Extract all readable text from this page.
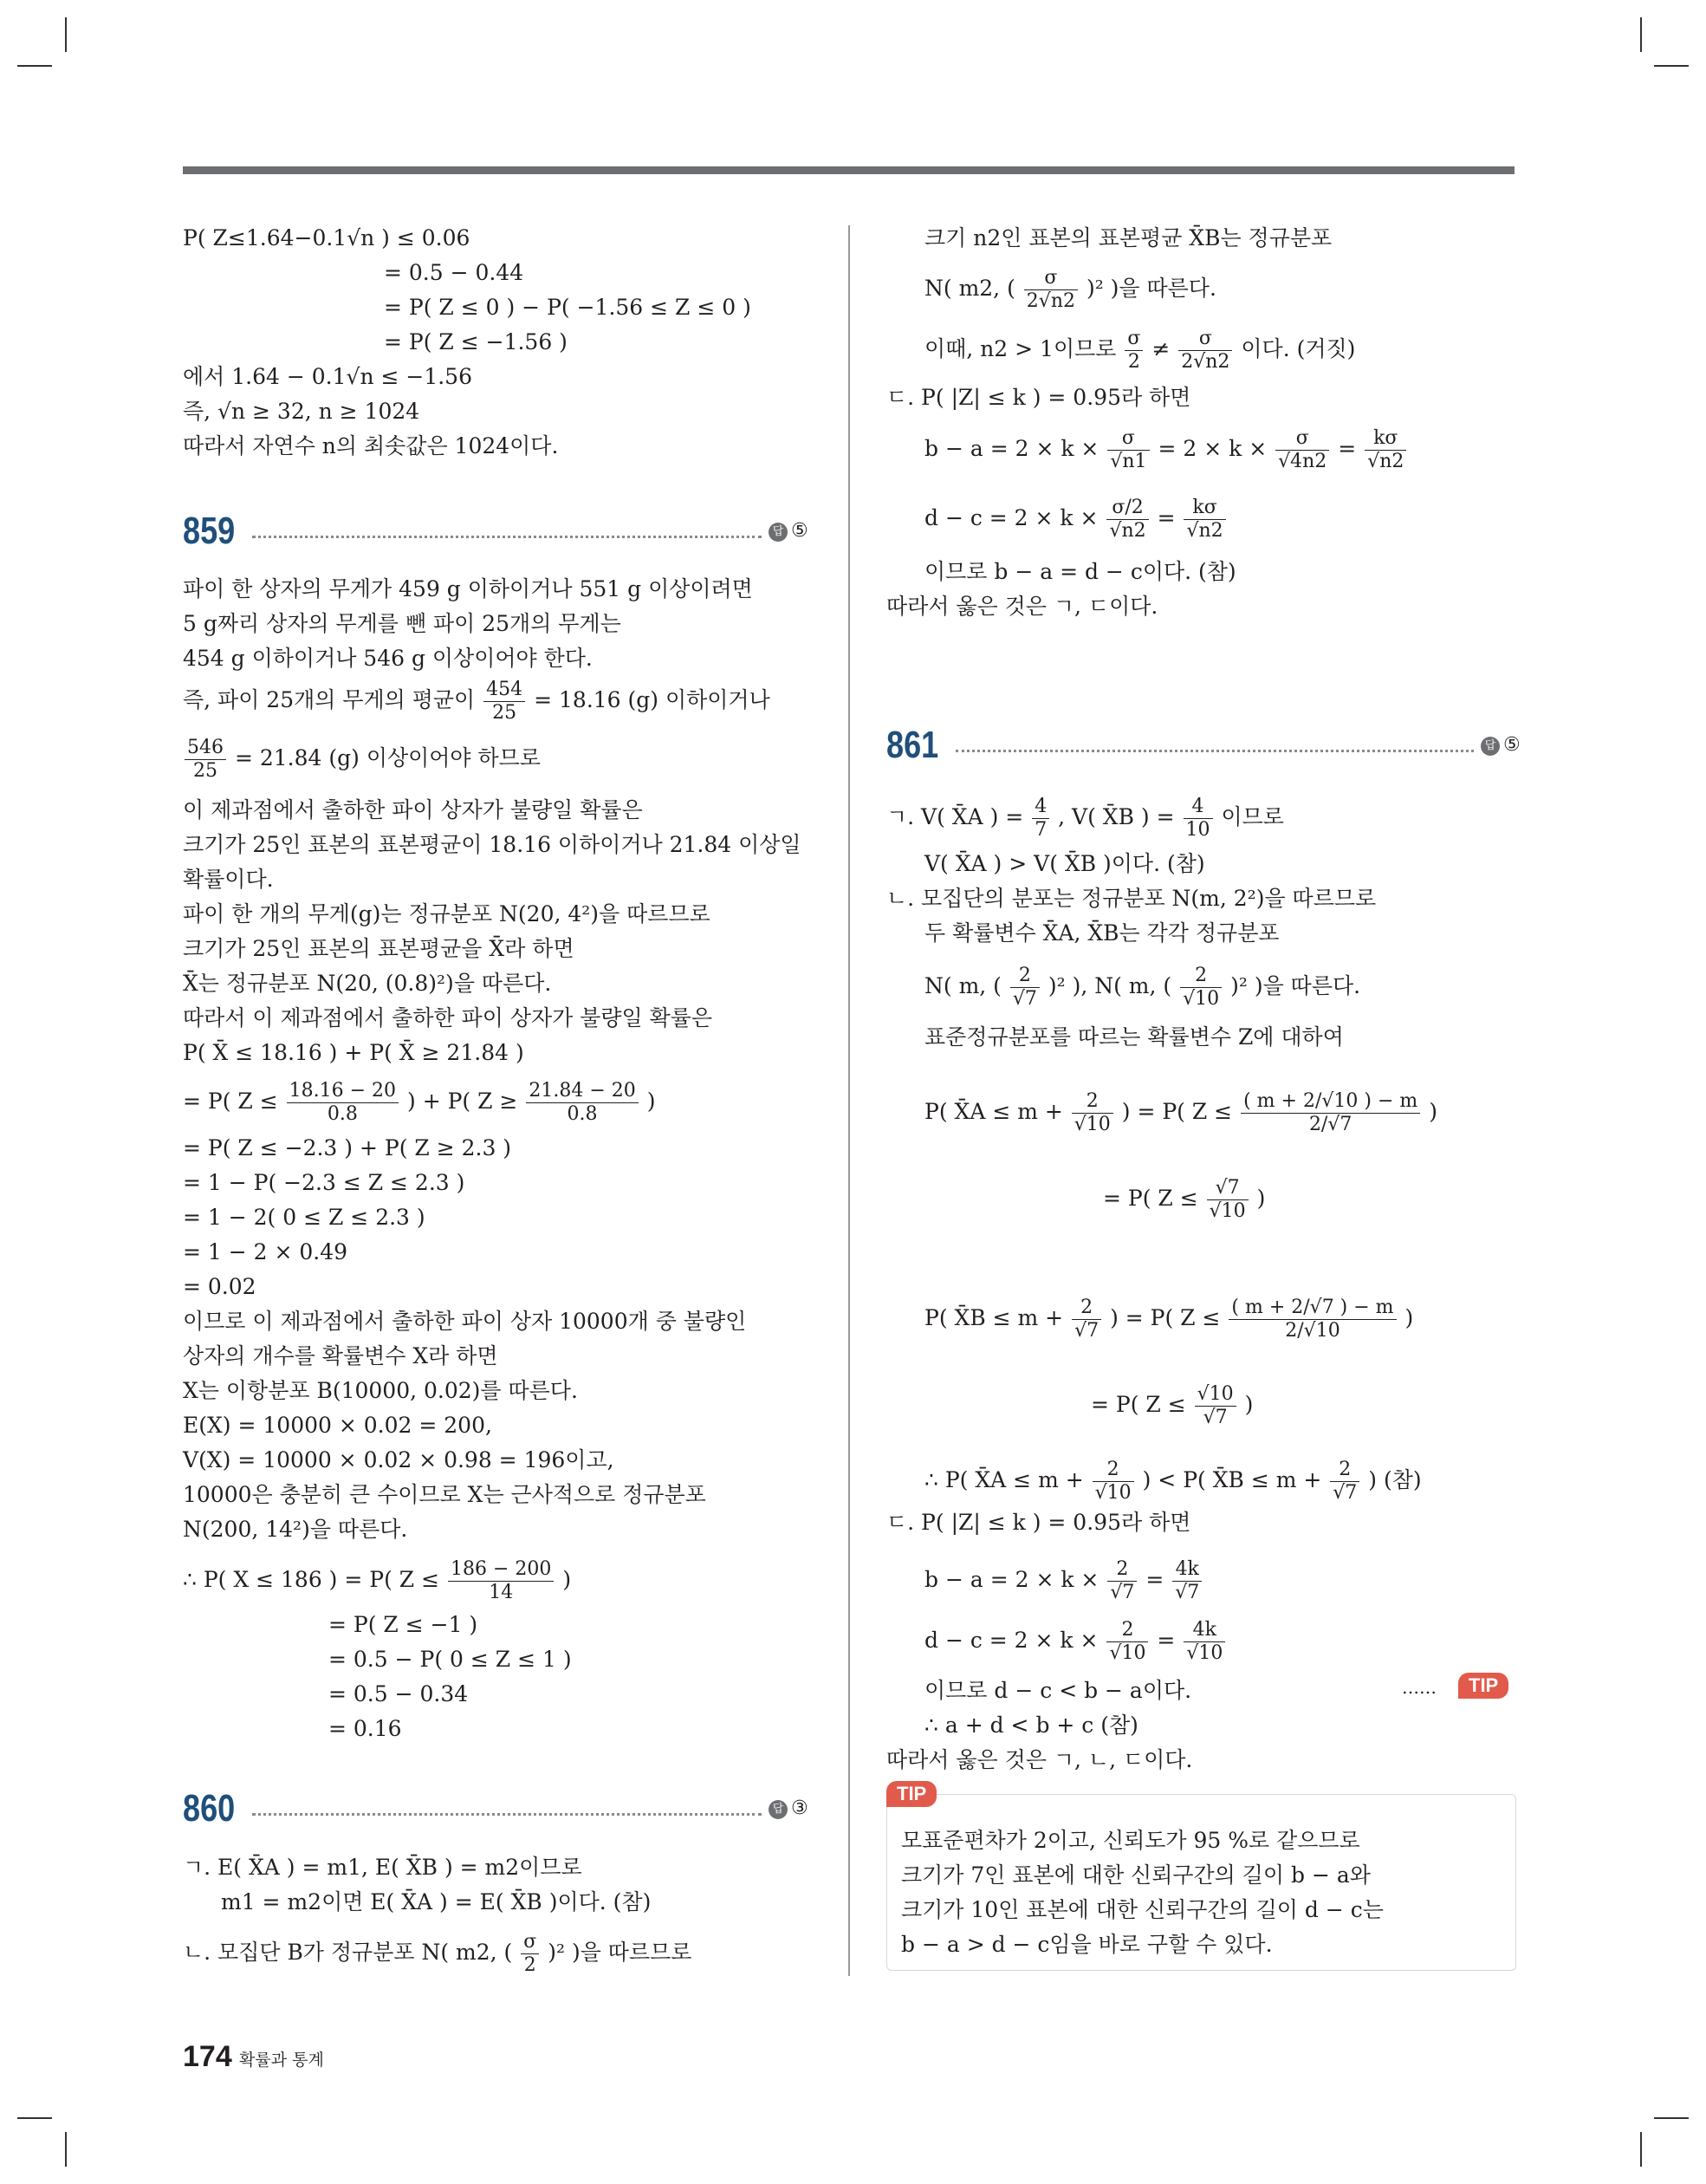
P( Z≤1.64−0.1√n ) ≤ 0.06
= 0.5 − 0.44
= P( Z ≤ 0 ) − P( −1.56 ≤ Z ≤ 0 )
= P( Z ≤ −1.56 )
에서 1.64 − 0.1√n ≤ −1.56
즉, √n ≥ 32, n ≥ 1024
따라서 자연수 n의 최솟값은 1024이다.
859	답 ⑤
파이 한 상자의 무게가 459 g 이하이거나 551 g 이상이려면
5 g짜리 상자의 무게를 뺀 파이 25개의 무게는
454 g 이하이거나 546 g 이상이어야 한다.
즉, 파이 25개의 무게의 평균이 $\frac{454}{25} = 18.16$ (g) 이하이거나
$\frac{546}{25} = 21.84$ (g) 이상이어야 하므로
이 제과점에서 출하한 파이 상자가 불량일 확률은
크기가 25인 표본의 표본평균이 18.16 이하이거나 21.84 이상일
확률이다.
파이 한 개의 무게(g)는 정규분포 N(20, 4²)을 따르므로
크기가 25인 표본의 표본평균을 X̄라 하면
X̄는 정규분포 N(20, (0.8)²)을 따른다.
따라서 이 제과점에서 출하한 파이 상자가 불량일 확률은
P( X̄ ≤ 18.16 ) + P( X̄ ≥ 21.84 )
= P( $Z \le \frac{18.16 - 20}{0.8}$ ) + P( $Z \ge \frac{21.84 - 20}{0.8}$ )
= P( Z ≤ −2.3 ) + P( Z ≥ 2.3 )
= 1 − P( −2.3 ≤ Z ≤ 2.3 )
= 1 − 2( 0 ≤ Z ≤ 2.3 )
= 1 − 2 × 0.49
= 0.02
이므로 이 제과점에서 출하한 파이 상자 10000개 중 불량인
상자의 개수를 확률변수 X라 하면
X는 이항분포 B(10000, 0.02)를 따른다.
E(X) = 10000 × 0.02 = 200,
V(X) = 10000 × 0.02 × 0.98 = 196이고,
10000은 충분히 큰 수이므로 X는 근사적으로 정규분포
N(200, 14²)을 따른다.
∴ P( X ≤ 186 ) = P( $Z \le \frac{186 - 200}{14}$ )
= P( Z ≤ −1 )
= 0.5 − P( 0 ≤ Z ≤ 1 )
= 0.5 − 0.34
= 0.16
860	답 ③
ㄱ. E( X̄A ) = m1, E( X̄B ) = m2이므로
m1 = m2이면 E( X̄A ) = E( X̄B )이다. (참)
ㄴ. 모집단 B가 정규분포 N( m2, ( $\frac{\sigma}{2} )^2$ )을 따르므로
크기 n2인 표본의 표본평균 X̄B는 정규분포
N( m2, ( $\frac{\sigma}{2√n2} )^2$ )을 따른다.
이때, n2 > 1이므로 $\frac{\sigma}{2} \ne \frac{\sigma}{2√n2}$ 이다. (거짓)
ㄷ. P( |Z| ≤ k ) = 0.95라 하면
$b - a = 2 \times k \times \frac{\sigma}{√n1} = 2 \times k \times \frac{\sigma}{√4n2} = \frac{k\sigma}{√n2}$
$d - c = 2 \times k \times \frac{\sigma/2}{√n2} = \frac{k\sigma}{√n2}$
이므로 b − a = d − c이다. (참)
따라서 옳은 것은 ㄱ, ㄷ이다.
861	답 ⑤
ㄱ. V( X̄A ) = $\frac{4}{7}$ , V( X̄B ) = $\frac{4}{10}$ 이므로
V( X̄A ) > V( X̄B )이다. (참)
ㄴ. 모집단의 분포는 정규분포 N(m, 2²)을 따르므로
두 확률변수 X̄A, X̄B는 각각 정규분포
N( m, ( $\frac{2}{√7} )^2$ ), N( m, ( $\frac{2}{√10} )^2$ )을 따른다.
표준정규분포를 따르는 확률변수 Z에 대하여
P( X̄A ≤ $m + \frac{2}{√10}$ ) = P( $Z \le \frac{( m + 2/√10 ) - m}{2/√7}$ )
= P( $Z \le \frac{√7}{√10}$ )
P( X̄B ≤ $m + \frac{2}{√7}$ ) = P( $Z \le \frac{( m + 2/√7 ) - m}{2/√10}$ )
= P( $Z \le \frac{√10}{√7}$ )
∴ P( X̄A ≤ $m + \frac{2}{√10}$ ) < P( X̄B ≤ $m + \frac{2}{√7}$ ) (참)
ㄷ. P( |Z| ≤ k ) = 0.95라 하면
$b - a = 2 \times k \times \frac{2}{√7} = \frac{4k}{√7}$
$d - c = 2 \times k \times \frac{2}{√10} = \frac{4k}{√10}$
이므로 d − c < b − a이다.	……	TIP
∴ a + d < b + c (참)
따라서 옳은 것은 ㄱ, ㄴ, ㄷ이다.
모표준편차가 2이고, 신뢰도가 95 %로 같으므로
크기가 7인 표본에 대한 신뢰구간의 길이 b − a와
크기가 10인 표본에 대한 신뢰구간의 길이 d − c는
b − a > d − c임을 바로 구할 수 있다.
TIP
174 확률과 통계
